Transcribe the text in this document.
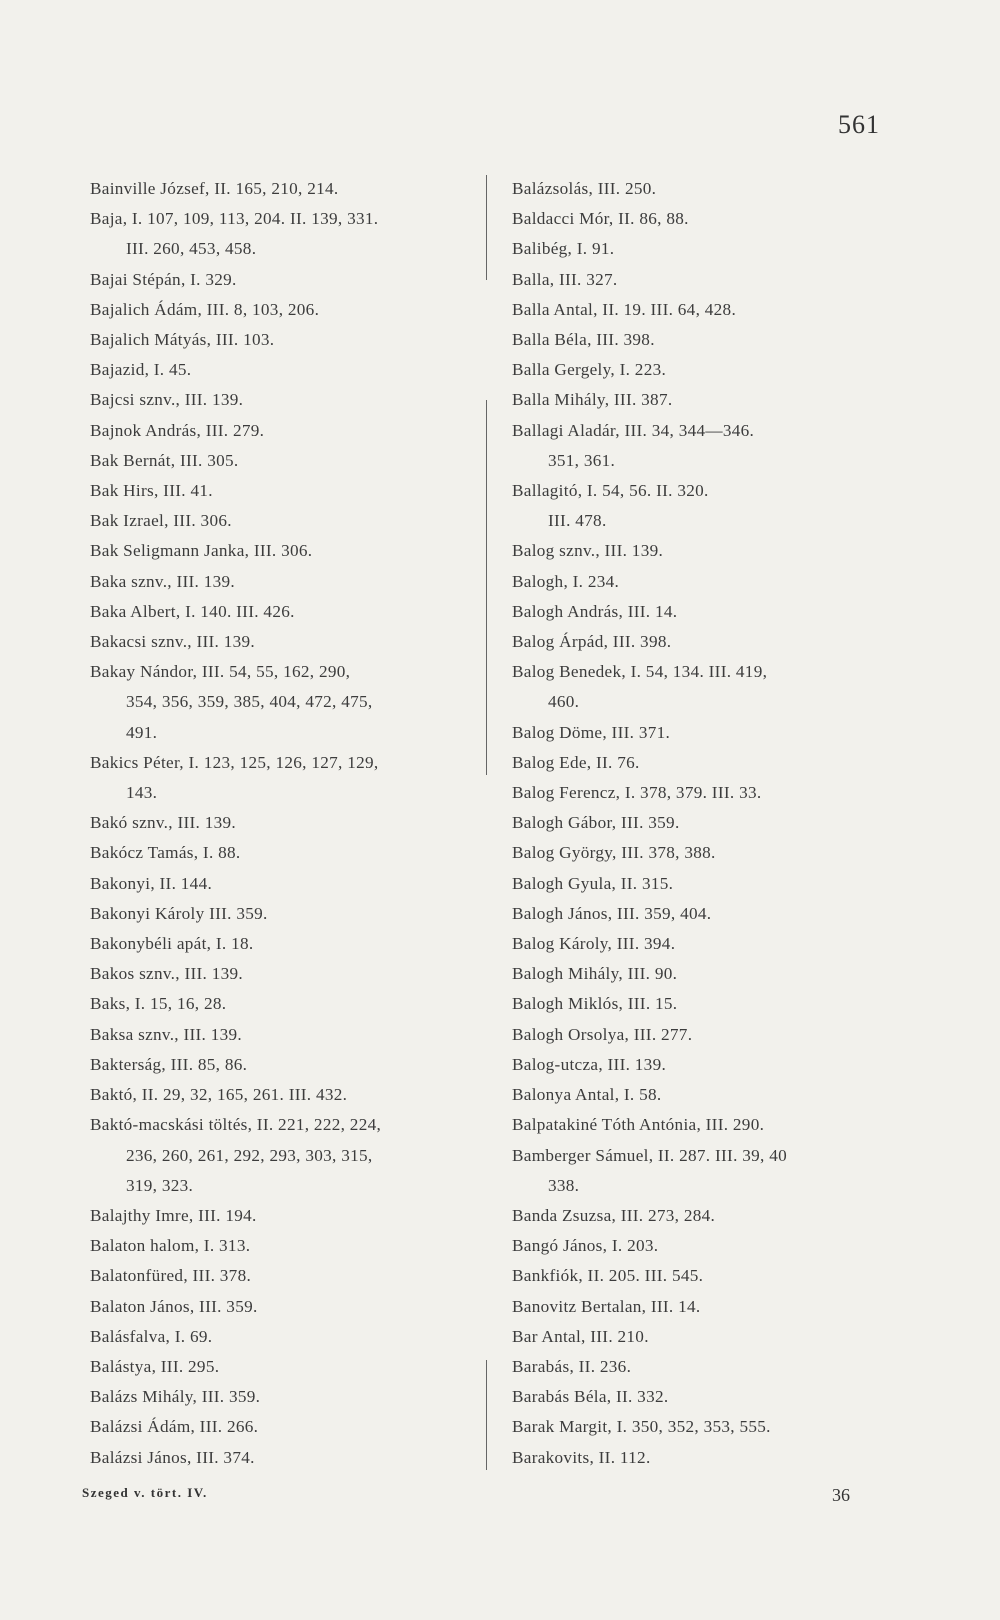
561
Bainville József, II. 165, 210, 214.
Baja, I. 107, 109, 113, 204. II. 139, 331.
III. 260, 453, 458.
Bajai Stépán, I. 329.
Bajalich Ádám, III. 8, 103, 206.
Bajalich Mátyás, III. 103.
Bajazid, I. 45.
Bajcsi sznv., III. 139.
Bajnok András, III. 279.
Bak Bernát, III. 305.
Bak Hirs, III. 41.
Bak Izrael, III. 306.
Bak Seligmann Janka, III. 306.
Baka sznv., III. 139.
Baka Albert, I. 140. III. 426.
Bakacsi sznv., III. 139.
Bakay Nándor, III. 54, 55, 162, 290,
354, 356, 359, 385, 404, 472, 475,
491.
Bakics Péter, I. 123, 125, 126, 127, 129,
143.
Bakó sznv., III. 139.
Bakócz Tamás, I. 88.
Bakonyi, II. 144.
Bakonyi Károly III. 359.
Bakonybéli apát, I. 18.
Bakos sznv., III. 139.
Baks, I. 15, 16, 28.
Baksa sznv., III. 139.
Bakterság, III. 85, 86.
Baktó, II. 29, 32, 165, 261. III. 432.
Baktó-macskási töltés, II. 221, 222, 224,
236, 260, 261, 292, 293, 303, 315,
319, 323.
Balajthy Imre, III. 194.
Balaton halom, I. 313.
Balatonfüred, III. 378.
Balaton János, III. 359.
Balásfalva, I. 69.
Balástya, III. 295.
Balázs Mihály, III. 359.
Balázsi Ádám, III. 266.
Balázsi János, III. 374.
Balázsolás, III. 250.
Baldacci Mór, II. 86, 88.
Balibég, I. 91.
Balla, III. 327.
Balla Antal, II. 19. III. 64, 428.
Balla Béla, III. 398.
Balla Gergely, I. 223.
Balla Mihály, III. 387.
Ballagi Aladár, III. 34, 344—346.
351, 361.
Ballagitó, I. 54, 56. II. 320.
III. 478.
Balog sznv., III. 139.
Balogh, I. 234.
Balogh András, III. 14.
Balog Árpád, III. 398.
Balog Benedek, I. 54, 134. III. 419,
460.
Balog Döme, III. 371.
Balog Ede, II. 76.
Balog Ferencz, I. 378, 379. III. 33.
Balogh Gábor, III. 359.
Balog György, III. 378, 388.
Balogh Gyula, II. 315.
Balogh János, III. 359, 404.
Balog Károly, III. 394.
Balogh Mihály, III. 90.
Balogh Miklós, III. 15.
Balogh Orsolya, III. 277.
Balog-utcza, III. 139.
Balonya Antal, I. 58.
Balpatakiné Tóth Antónia, III. 290.
Bamberger Sámuel, II. 287. III. 39, 40
338.
Banda Zsuzsa, III. 273, 284.
Bangó János, I. 203.
Bankfiók, II. 205. III. 545.
Banovitz Bertalan, III. 14.
Bar Antal, III. 210.
Barabás, II. 236.
Barabás Béla, II. 332.
Barak Margit, I. 350, 352, 353, 555.
Barakovits, II. 112.
Szeged v. tört. IV.	36
